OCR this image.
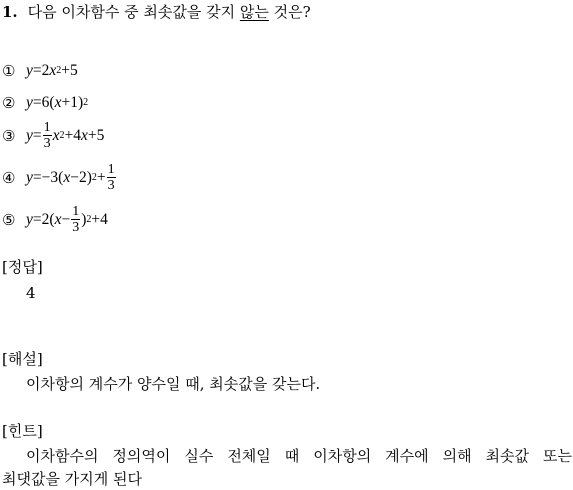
1. 다음 이차함수 중 최솟값을 갖지 않는 것은?
① y = 2 x 2 + 5
② y = 6 ( x + 1 ) 2
③ $y = \frac{1}{3}$ x 2 + 4 x + 5
④ y = −3 ( x − 2 ) $2 + \frac{1}{3}$
⑤ y = 2 ( $x - \frac{1}{3}$ ) 2 + 4
[정답]
4
[해설]
이차항의 계수가 양수일 때, 최솟값을 갖는다.
[힌트]
이차함수의 정의역이 실수 전체일 때 이차항의 계수에 의해 최솟값 또는
최댓값을 가지게 된다
